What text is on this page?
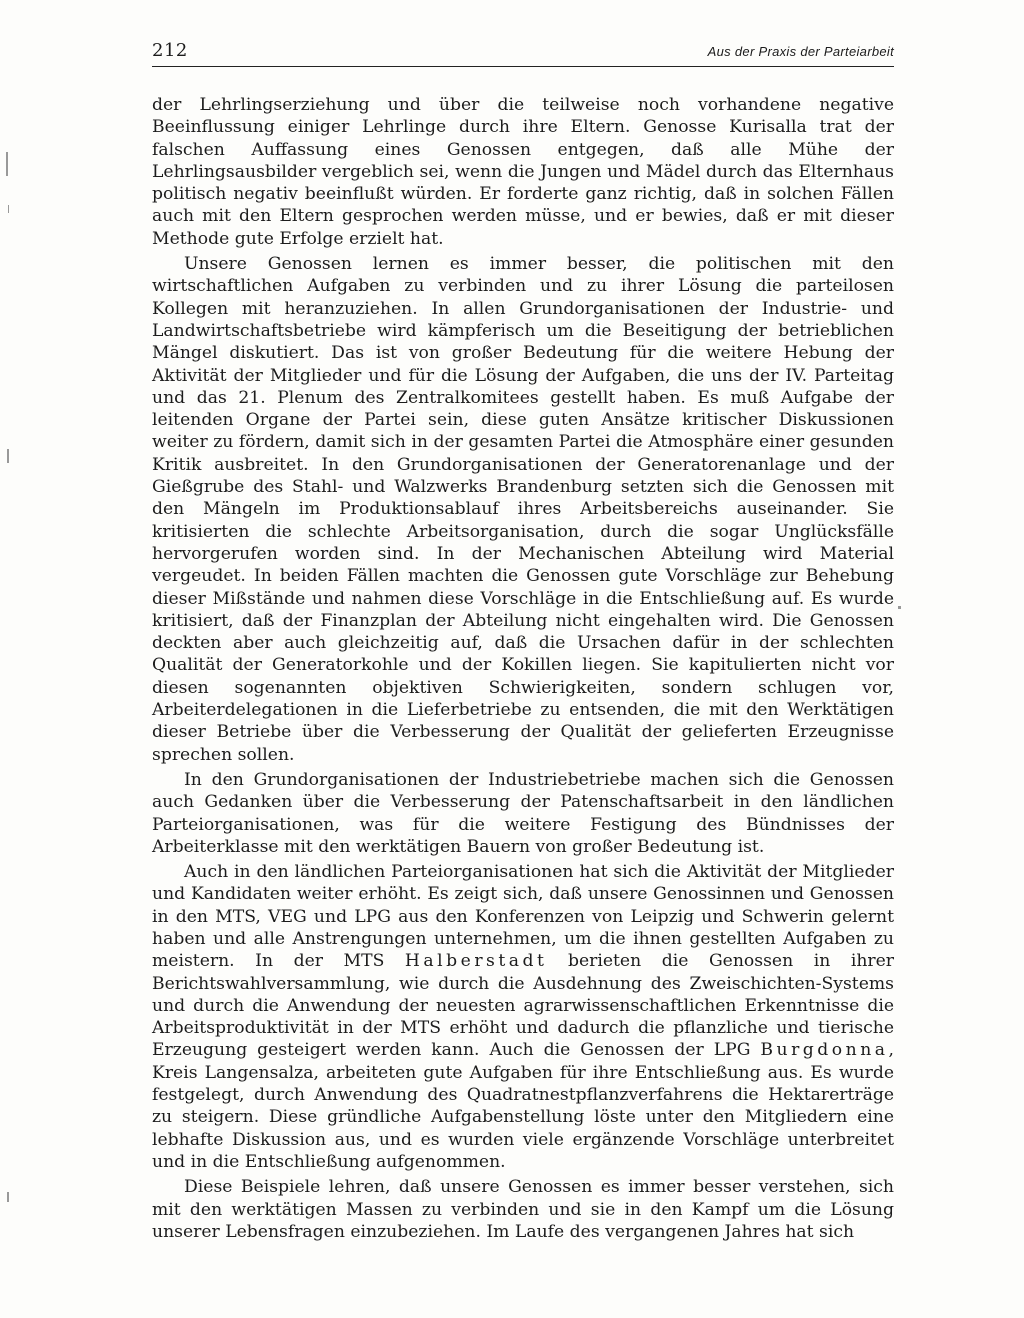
212	Aus der Praxis der Parteiarbeit

der Lehrlingserziehung und über die teilweise noch vorhandene negative Beeinflussung einiger Lehrlinge durch ihre Eltern. Genosse Kurisalla trat der falschen Auffassung eines Genossen entgegen, daß alle Mühe der Lehrlingsausbilder vergeblich sei, wenn die Jungen und Mädel durch das Elternhaus politisch negativ beeinflußt würden. Er forderte ganz richtig, daß in solchen Fällen auch mit den Eltern gesprochen werden müsse, und er bewies, daß er mit dieser Methode gute Erfolge erzielt hat.

Unsere Genossen lernen es immer besser, die politischen mit den wirtschaftlichen Aufgaben zu verbinden und zu ihrer Lösung die parteilosen Kollegen mit heranzuziehen. In allen Grundorganisationen der Industrie- und Landwirtschaftsbetriebe wird kämpferisch um die Beseitigung der betrieblichen Mängel diskutiert. Das ist von großer Bedeutung für die weitere Hebung der Aktivität der Mitglieder und für die Lösung der Aufgaben, die uns der IV. Parteitag und das 21. Plenum des Zentralkomitees gestellt haben. Es muß Aufgabe der leitenden Organe der Partei sein, diese guten Ansätze kritischer Diskussionen weiter zu fördern, damit sich in der gesamten Partei die Atmosphäre einer gesunden Kritik ausbreitet. In den Grundorganisationen der Generatorenanlage und der Gießgrube des Stahl- und Walzwerks Brandenburg setzten sich die Genossen mit den Mängeln im Produktionsablauf ihres Arbeitsbereichs auseinander. Sie kritisierten die schlechte Arbeitsorganisation, durch die sogar Unglücksfälle hervorgerufen worden sind. In der Mechanischen Abteilung wird Material vergeudet. In beiden Fällen machten die Genossen gute Vorschläge zur Behebung dieser Mißstände und nahmen diese Vorschläge in die Entschließung auf. Es wurde kritisiert, daß der Finanzplan der Abteilung nicht eingehalten wird. Die Genossen deckten aber auch gleichzeitig auf, daß die Ursachen dafür in der schlechten Qualität der Generatorkohle und der Kokillen liegen. Sie kapitulierten nicht vor diesen sogenannten objektiven Schwierigkeiten, sondern schlugen vor, Arbeiterdelegationen in die Lieferbetriebe zu entsenden, die mit den Werktätigen dieser Betriebe über die Verbesserung der Qualität der gelieferten Erzeugnisse sprechen sollen.

In den Grundorganisationen der Industriebetriebe machen sich die Genossen auch Gedanken über die Verbesserung der Patenschaftsarbeit in den ländlichen Parteiorganisationen, was für die weitere Festigung des Bündnisses der Arbeiterklasse mit den werktätigen Bauern von großer Bedeutung ist.

Auch in den ländlichen Parteiorganisationen hat sich die Aktivität der Mitglieder und Kandidaten weiter erhöht. Es zeigt sich, daß unsere Genossinnen und Genossen in den MTS, VEG und LPG aus den Konferenzen von Leipzig und Schwerin gelernt haben und alle Anstrengungen unternehmen, um die ihnen gestellten Aufgaben zu meistern. In der MTS Halberstadt berieten die Genossen in ihrer Berichtswahlversammlung, wie durch die Ausdehnung des Zweischichten-Systems und durch die Anwendung der neuesten agrarwissenschaftlichen Erkenntnisse die Arbeitsproduktivität in der MTS erhöht und dadurch die pflanzliche und tierische Erzeugung gesteigert werden kann. Auch die Genossen der LPG Burgdonna, Kreis Langensalza, arbeiteten gute Aufgaben für ihre Entschließung aus. Es wurde festgelegt, durch Anwendung des Quadratnestpflanzverfahrens die Hektarerträge zu steigern. Diese gründliche Aufgabenstellung löste unter den Mitgliedern eine lebhafte Diskussion aus, und es wurden viele ergänzende Vorschläge unterbreitet und in die Entschließung aufgenommen.

Diese Beispiele lehren, daß unsere Genossen es immer besser verstehen, sich mit den werktätigen Massen zu verbinden und sie in den Kampf um die Lösung unserer Lebensfragen einzubeziehen. Im Laufe des vergangenen Jahres hat sich
